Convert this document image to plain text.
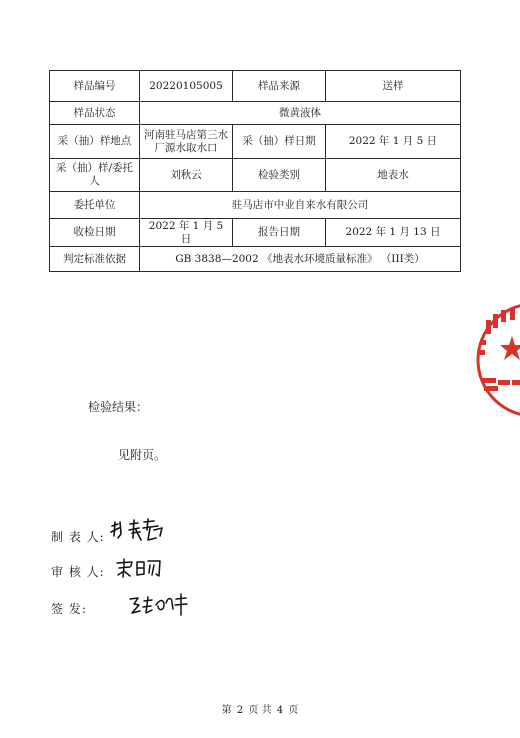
样品编号	20220105005	样品来源	送样
样品状态	微黄液体		
采（抽）样地点	河南驻马店第三水厂源水取水口	采（抽）样日期	2022 年 1 月 5 日
采（抽）样/委托人	刘秋云	检验类别	地表水
委托单位	驻马店市中业自来水有限公司		
收检日期	2022 年 1 月 5 日	报告日期	2022 年 1 月 13 日
判定标准依据	GB 3838—2002 《地表水环境质量标准》 （III类）		
检验结果：
见附页。
制 表 人:
审 核 人:
签 发:
第 2 页 共 4 页
